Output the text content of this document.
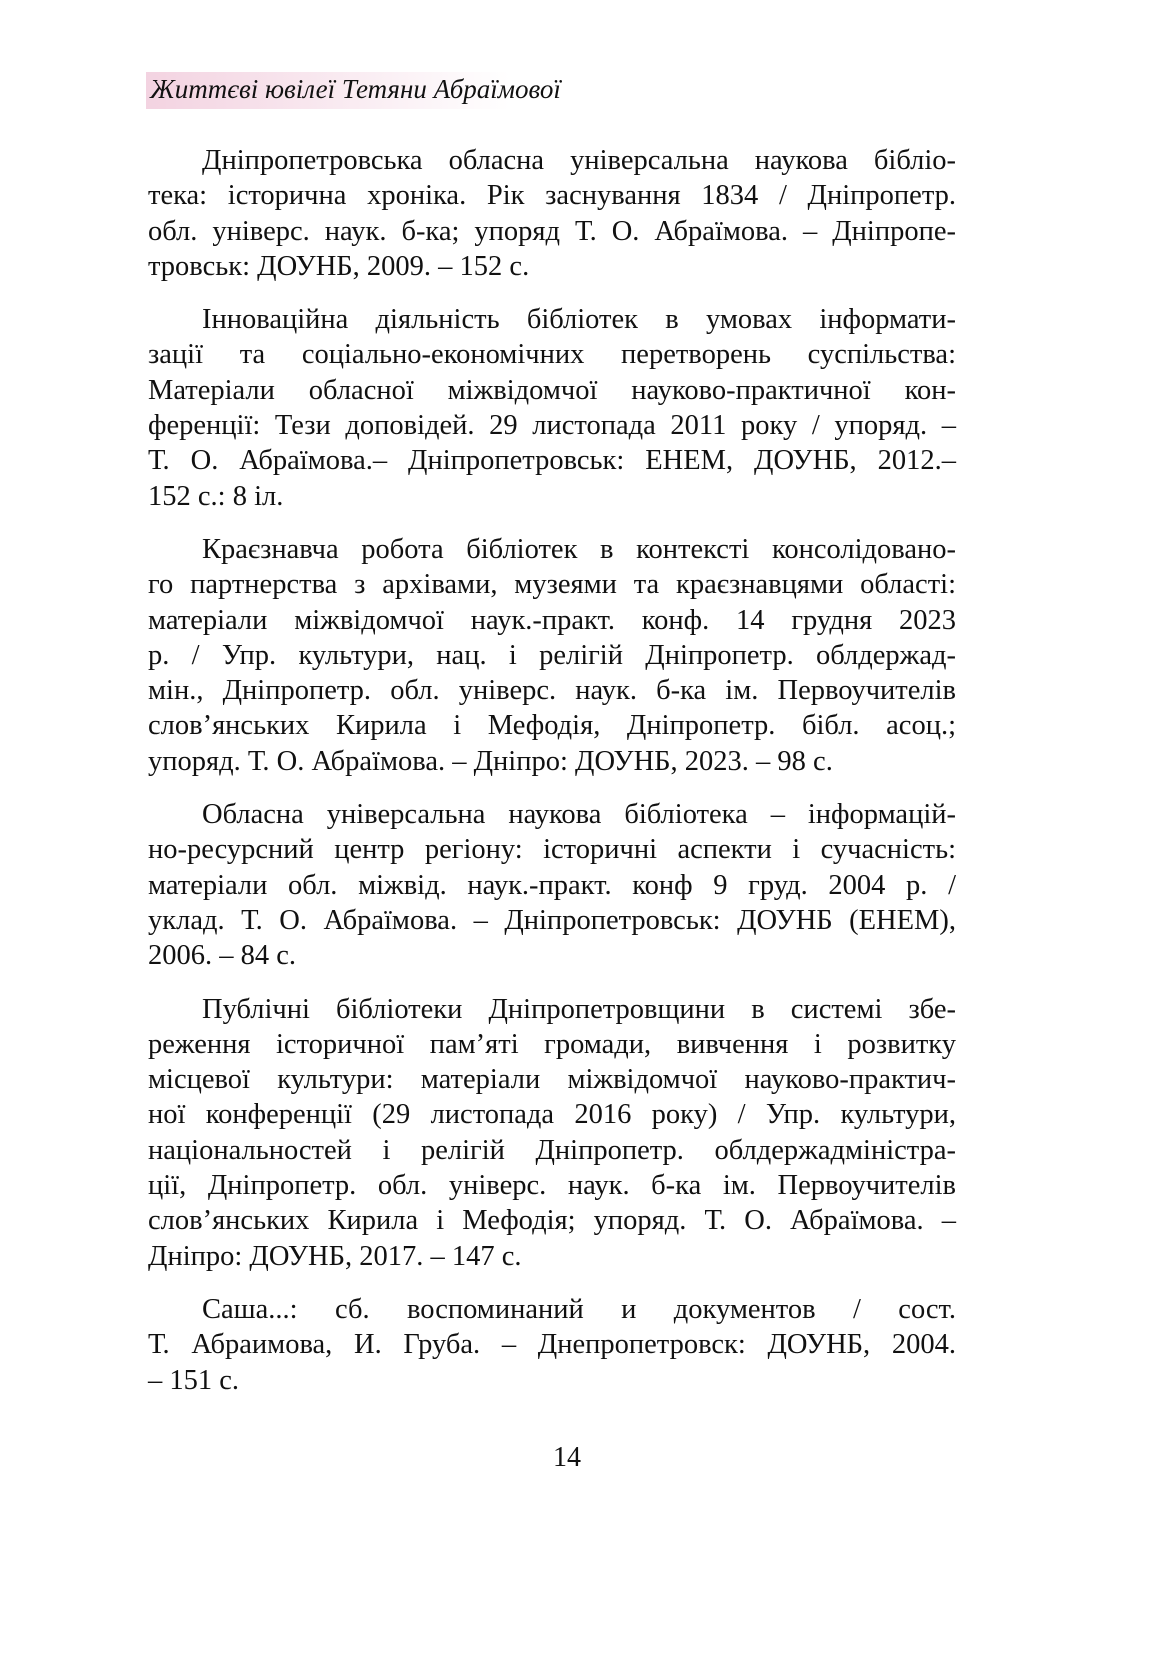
Життєві ювілеї Тетяни Абраїмової
Дніпропетровська обласна універсальна наукова біблiо-
тека: історична хроніка. Рік заснування 1834 / Дніпропетр.
обл. універс. наук. б-ка; упоряд Т. О. Абраїмова. – Дніпропе-
тровськ: ДОУНБ, 2009. – 152 с.
Інноваційна діяльність бібліотек в умовах інформати-
зації та соціально-економічних перетворень суспільства:
Матеріали обласної міжвідомчої науково-практичної кон-
ференції: Тези доповідей. 29 листопада 2011 року / упоряд. –
Т. О. Абраїмова.– Дніпропетровськ: ЕНЕМ, ДОУНБ, 2012.–
152 с.: 8 іл.
Краєзнавча робота бібліотек в контексті консолідовано-
го партнерства з архівами, музеями та краєзнавцями області:
матеріали міжвідомчої наук.-практ. конф. 14 грудня 2023
р. / Упр. культури, нац. і релігій Дніпропетр. облдержад-
мін., Дніпропетр. обл. універс. наук. б-ка ім. Первоучителів
слов’янських Кирила і Мефодія, Дніпропетр. бібл. асоц.;
упоряд. Т. О. Абраїмова. – Дніпро: ДОУНБ, 2023. – 98 с.
Обласна універсальна наукова бібліотека – інформацій-
но-ресурсний центр регіону: історичні аспекти і сучасність:
матеріали обл. міжвід. наук.-практ. конф 9 груд. 2004 р. /
уклад. Т. О. Абраїмова. – Дніпропетровськ: ДОУНБ (ЕНЕМ),
2006. – 84 с.
Публічні бібліотеки Дніпропетровщини в системі збе-
реження історичної пам’яті громади, вивчення і розвитку
місцевої культури: матеріали міжвідомчої науково-практич-
ної конференції (29 листопада 2016 року) / Упр. культури,
національностей і релігій Дніпропетр. облдержадміністра-
ції, Дніпропетр. обл. універс. наук. б-ка ім. Первоучителів
слов’янських Кирила і Мефодія; упоряд. Т. О. Абраїмова. –
Дніпро: ДОУНБ, 2017. – 147 с.
Саша...: сб. воспоминаний и документов / сост.
Т. Абраимова, И. Груба. – Днепропетровск: ДОУНБ, 2004.
– 151 с.
14
